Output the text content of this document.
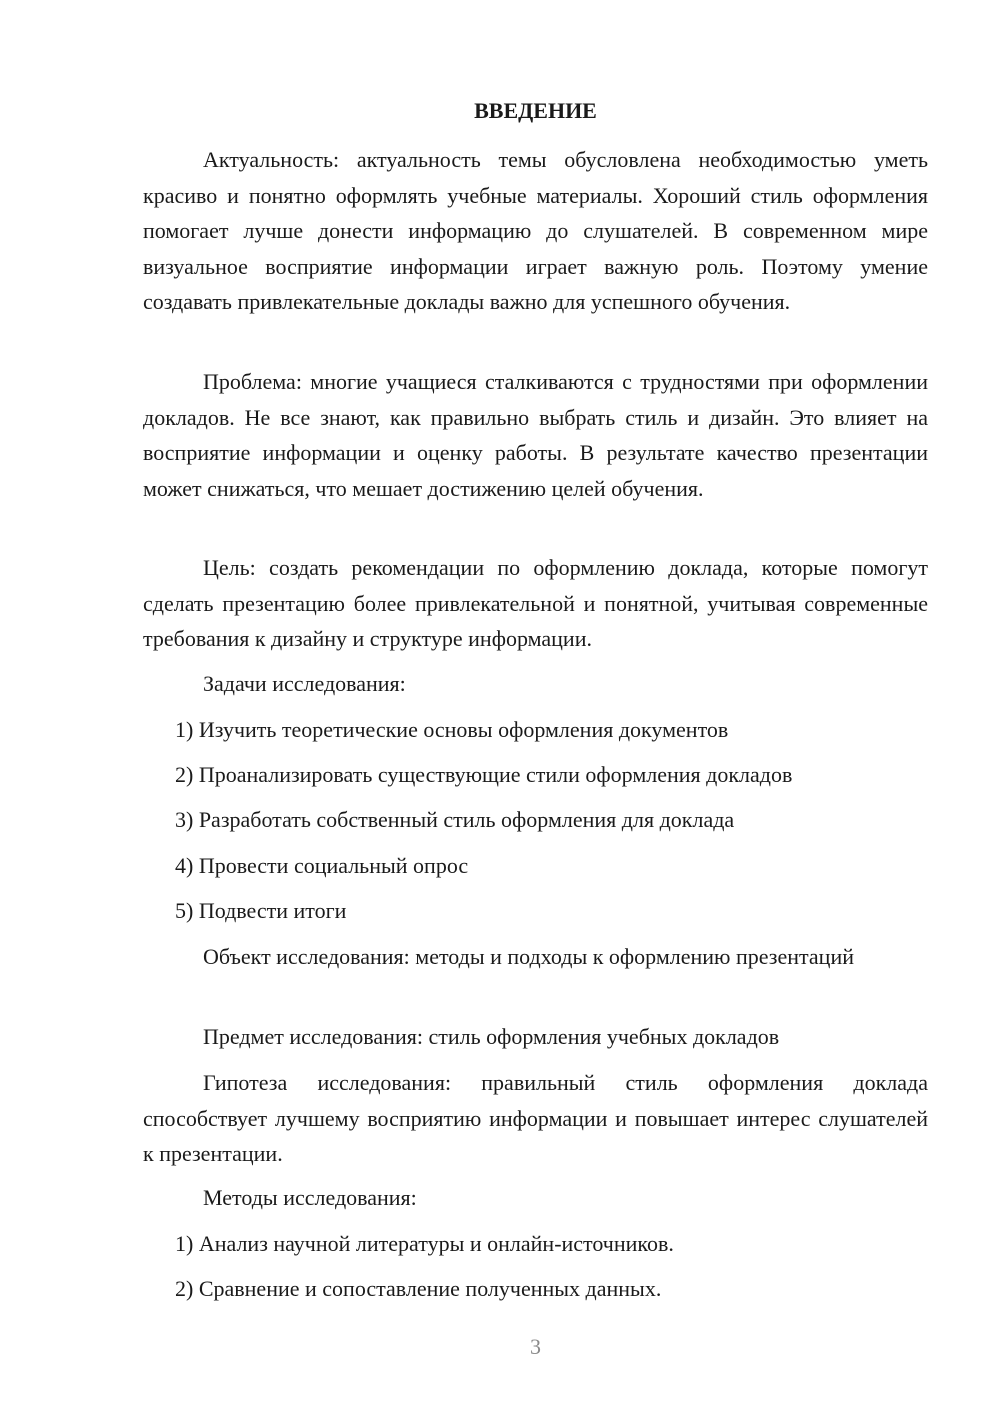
ВВЕДЕНИЕ

Актуальность: актуальность темы обусловлена необходимостью уметь красиво и понятно оформлять учебные материалы. Хороший стиль оформления помогает лучше донести информацию до слушателей. В современном мире визуальное восприятие информации играет важную роль. Поэтому умение создавать привлекательные доклады важно для успешного обучения.

Проблема: многие учащиеся сталкиваются с трудностями при оформлении докладов. Не все знают, как правильно выбрать стиль и дизайн. Это влияет на восприятие информации и оценку работы. В результате качество презентации может снижаться, что мешает достижению целей обучения.

Цель: создать рекомендации по оформлению доклада, которые помогут сделать презентацию более привлекательной и понятной, учитывая современные требования к дизайну и структуре информации.

Задачи исследования:

1) Изучить теоретические основы оформления документов

2) Проанализировать существующие стили оформления докладов

3) Разработать собственный стиль оформления для доклада

4) Провести социальный опрос

5) Подвести итоги

Объект исследования: методы и подходы к оформлению презентаций

Предмет исследования: стиль оформления учебных докладов

Гипотеза исследования: правильный стиль оформления доклада способствует лучшему восприятию информации и повышает интерес слушателей к презентации.

Методы исследования:

1) Анализ научной литературы и онлайн-источников.

2) Сравнение и сопоставление полученных данных.

3
